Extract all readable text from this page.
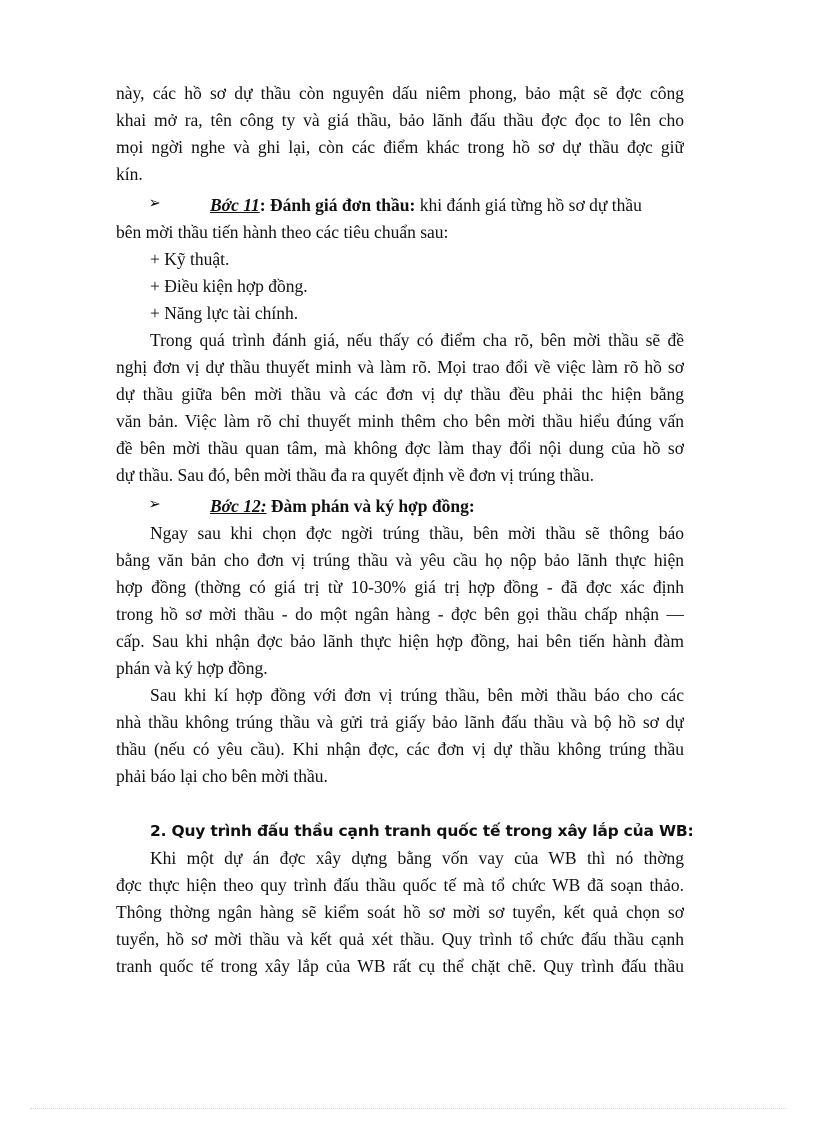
này, các hồ sơ dự thầu còn nguyên dấu niêm phong, bảo mật sẽ đợc công
khai mở ra, tên công ty và giá thầu, bảo lãnh đấu thầu đợc đọc to lên cho
mọi ngời nghe và ghi lại, còn các điểm khác trong hồ sơ dự thầu đợc giữ
kín.
➢	Bớc 11: Đánh giá đơn thầu: khi đánh giá từng hồ sơ dự thầu
bên mời thầu tiến hành theo các tiêu chuẩn sau:
+ Kỹ thuật.
+ Điều kiện hợp đồng.
+ Năng lực tài chính.
Trong quá trình đánh giá, nếu thấy có điểm cha rõ, bên mời thầu sẽ đề
nghị đơn vị dự thầu thuyết minh và làm rõ. Mọi trao đổi về việc làm rõ hồ sơ
dự thầu giữa bên mời thầu và các đơn vị dự thầu đều phải thc hiện bằng
văn bản. Việc làm rõ chỉ thuyết minh thêm cho bên mời thầu hiểu đúng vấn
đề bên mời thầu quan tâm, mà không đợc làm thay đổi nội dung của hồ sơ
dự thầu. Sau đó, bên mời thầu đa ra quyết định về đơn vị trúng thầu.
➢	Bớc 12: Đàm phán và ký hợp đồng:
Ngay sau khi chọn đợc ngời trúng thầu, bên mời thầu sẽ thông báo
bằng văn bản cho đơn vị trúng thầu và yêu cầu họ nộp bảo lãnh thực hiện
hợp đồng (thờng có giá trị từ 10-30% giá trị hợp đồng - đã đợc xác định
trong hồ sơ mời thầu - do một ngân hàng - đợc bên gọi thầu chấp nhận —
cấp. Sau khi nhận đợc bảo lãnh thực hiện hợp đồng, hai bên tiến hành đàm
phán và ký hợp đồng.
Sau khi kí hợp đồng với đơn vị trúng thầu, bên mời thầu báo cho các
nhà thầu không trúng thầu và gửi trả giấy bảo lãnh đấu thầu và bộ hồ sơ dự
thầu (nếu có yêu cầu). Khi nhận đợc, các đơn vị dự thầu không trúng thầu
phải báo lại cho bên mời thầu.
2. Quy trình đấu thầu cạnh tranh quốc tế trong xây lắp của WB:
Khi một dự án đợc xây dựng bằng vốn vay của WB thì nó thờng
đợc thực hiện theo quy trình đấu thầu quốc tế mà tổ chức WB đã soạn thảo.
Thông thờng ngân hàng sẽ kiểm soát hồ sơ mời sơ tuyển, kết quả chọn sơ
tuyển, hồ sơ mời thầu và kết quả xét thầu. Quy trình tổ chức đấu thầu cạnh
tranh quốc tế trong xây lắp của WB rất cụ thể chặt chẽ. Quy trình đấu thầu
